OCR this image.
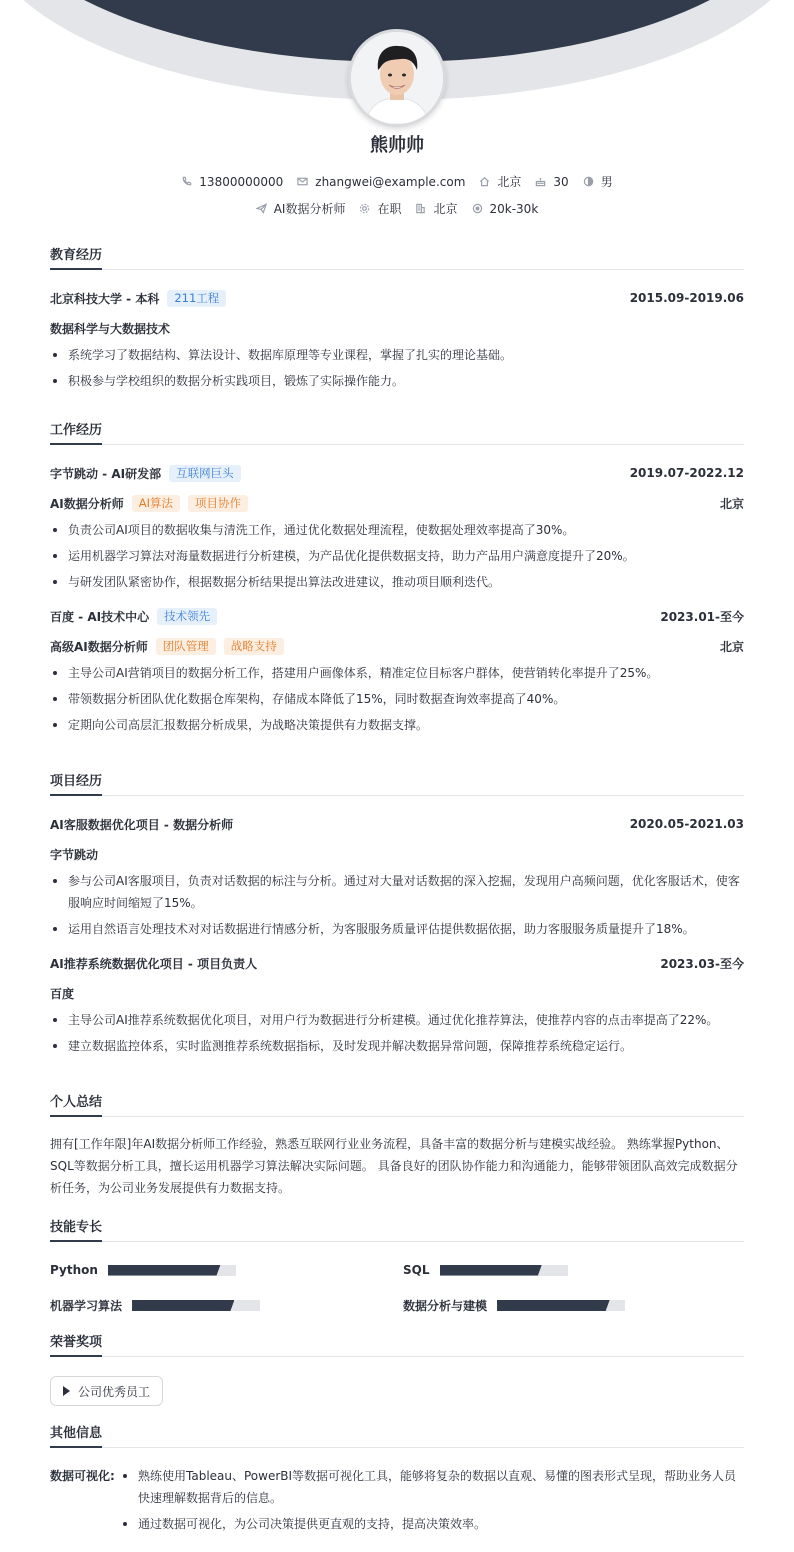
熊帅帅
13800000000	zhangwei@example.com	北京	30	男
AI数据分析师	在职	北京	20k-30k
教育经历
北京科技大学 - 本科	211工程	2015.09-2019.06
数据科学与大数据技术
系统学习了数据结构、算法设计、数据库原理等专业课程，掌握了扎实的理论基础。
积极参与学校组织的数据分析实践项目，锻炼了实际操作能力。
工作经历
字节跳动 - AI研发部	互联网巨头	2019.07-2022.12
AI数据分析师	AI算法	项目协作	北京
负责公司AI项目的数据收集与清洗工作，通过优化数据处理流程，使数据处理效率提高了30%。
运用机器学习算法对海量数据进行分析建模，为产品优化提供数据支持，助力产品用户满意度提升了20%。
与研发团队紧密协作，根据数据分析结果提出算法改进建议，推动项目顺利迭代。
百度 - AI技术中心	技术领先	2023.01-至今
高级AI数据分析师	团队管理	战略支持	北京
主导公司AI营销项目的数据分析工作，搭建用户画像体系，精准定位目标客户群体，使营销转化率提升了25%。
带领数据分析团队优化数据仓库架构，存储成本降低了15%，同时数据查询效率提高了40%。
定期向公司高层汇报数据分析成果，为战略决策提供有力数据支撑。
项目经历
AI客服数据优化项目 - 数据分析师	2020.05-2021.03
字节跳动
参与公司AI客服项目，负责对话数据的标注与分析。通过对大量对话数据的深入挖掘，发现用户高频问题，优化客服话术，使客服响应时间缩短了15%。
运用自然语言处理技术对对话数据进行情感分析，为客服服务质量评估提供数据依据，助力客服服务质量提升了18%。
AI推荐系统数据优化项目 - 项目负责人	2023.03-至今
百度
主导公司AI推荐系统数据优化项目，对用户行为数据进行分析建模。通过优化推荐算法，使推荐内容的点击率提高了22%。
建立数据监控体系，实时监测推荐系统数据指标，及时发现并解决数据异常问题，保障推荐系统稳定运行。
个人总结

拥有[工作年限]年AI数据分析师工作经验，熟悉互联网行业业务流程，具备丰富的数据分析与建模实战经验。 熟练掌握Python、SQL等数据分析工具，擅长运用机器学习算法解决实际问题。 具备良好的团队协作能力和沟通能力，能够带领团队高效完成数据分析任务，为公司业务发展提供有力数据支持。

技能专长
Python	SQL
机器学习算法	数据分析与建模
荣誉奖项
公司优秀员工
其他信息
数据可视化:	熟练使用Tableau、PowerBI等数据可视化工具，能够将复杂的数据以直观、易懂的图表形式呈现，帮助业务人员快速理解数据背后的信息。
通过数据可视化，为公司决策提供更直观的支持，提高决策效率。
